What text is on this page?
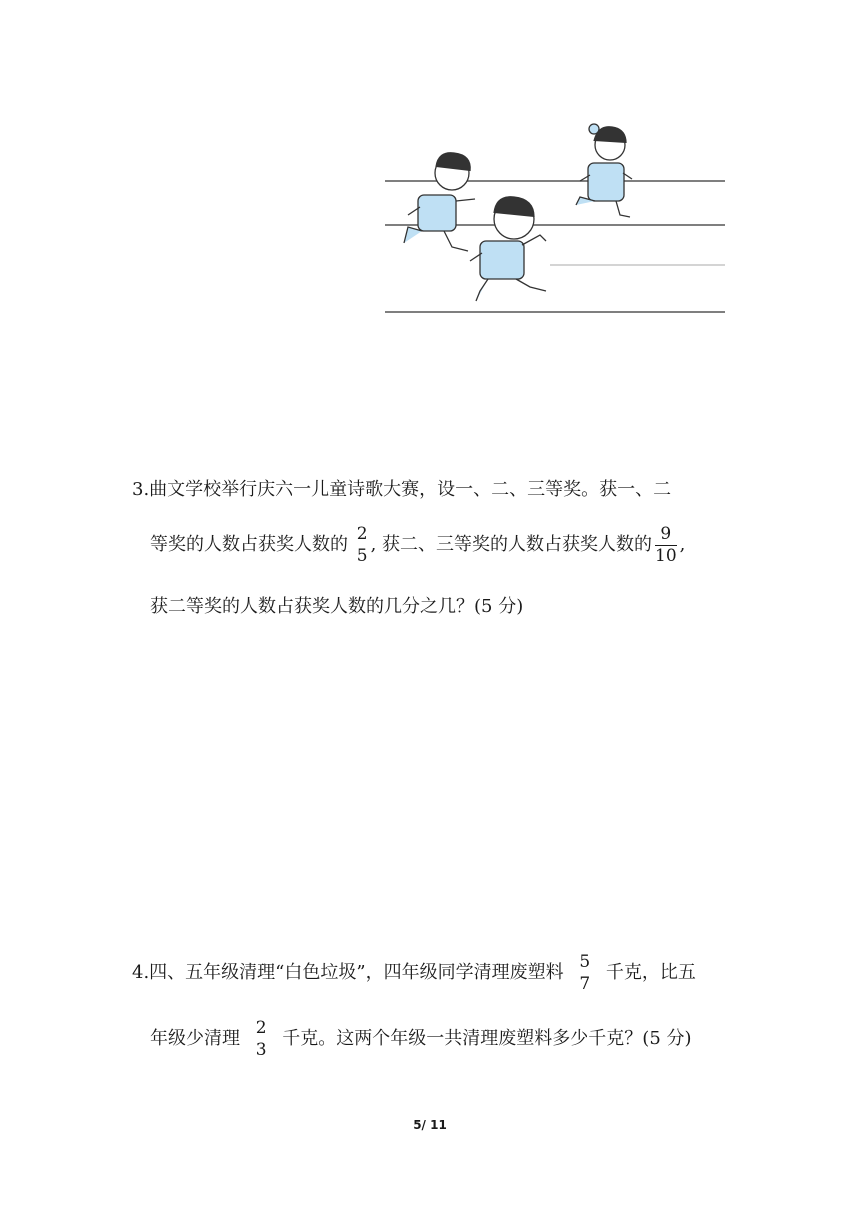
3.曲文学校举行庆六一儿童诗歌大赛，设一、二、三等奖。获一、二
等奖的人数占获奖人数的
2
5
, 获二、三等奖的人数占获奖人数的 $\frac{9}{10}$ ,
获二等奖的人数占获奖人数的几分之几？(5 分)
4.四、五年级清理“白色垃圾”，四年级同学清理废塑料
5
7
千克，比五
年级少清理
2
3
千克。这两个年级一共清理废塑料多少千克？(5 分)
5/ 11
